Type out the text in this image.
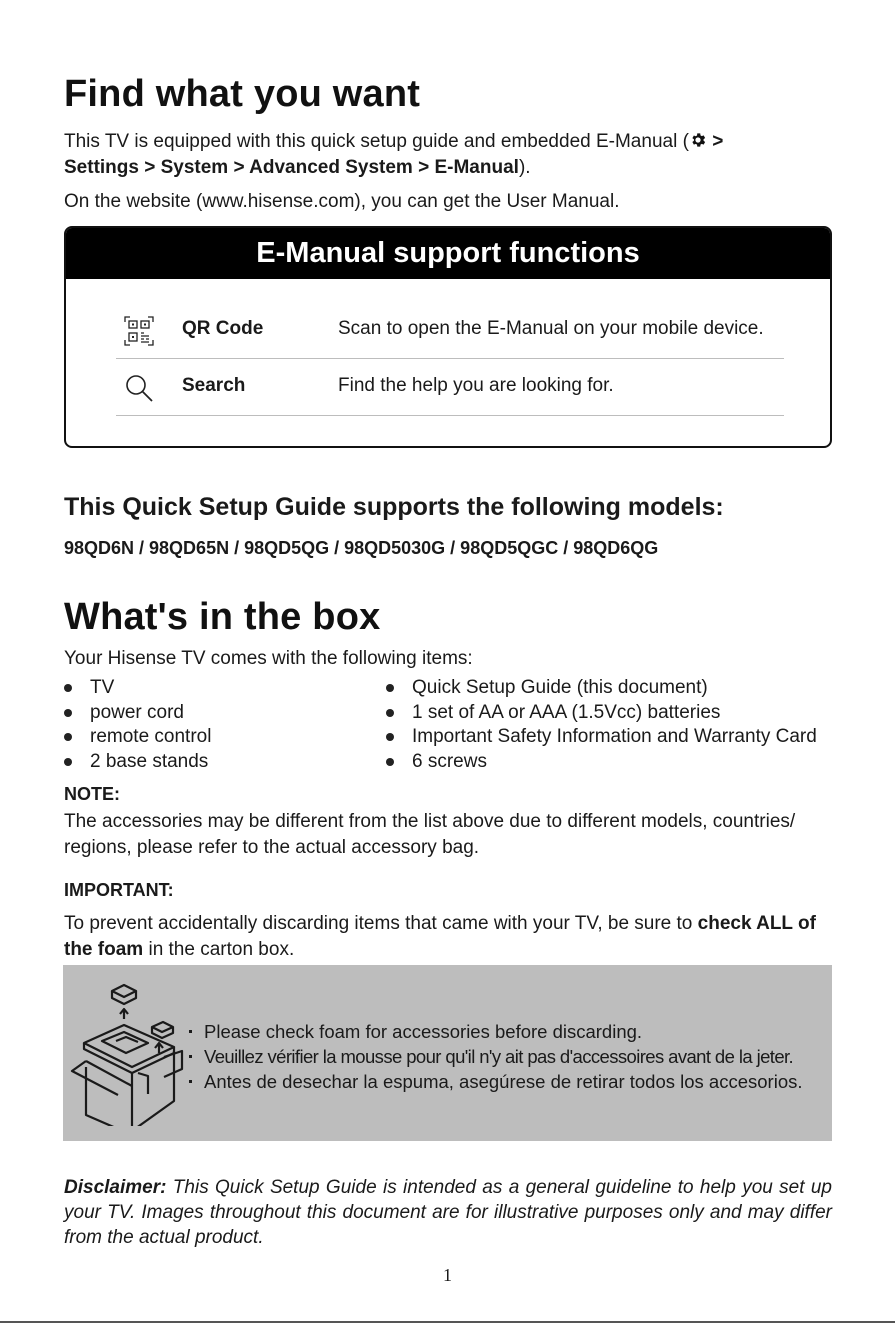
Find what you want
This TV is equipped with this quick setup guide and embedded E-Manual ( >
Settings > System > Advanced System > E-Manual).
On the website (www.hisense.com), you can get the User Manual.
E-Manual support functions
QR Code	Scan to open the E-Manual on your mobile device.
Search	Find the help you are looking for.
This Quick Setup Guide supports the following models:
98QD6N / 98QD65N / 98QD5QG / 98QD5030G / 98QD5QGC / 98QD6QG
What's in the box
Your Hisense TV comes with the following items:
TV
power cord
remote control
2 base stands
Quick Setup Guide (this document)
1 set of AA or AAA (1.5Vcc) batteries
Important Safety Information and Warranty Card
6 screws
NOTE:
The accessories may be different from the list above due to different models, countries/ regions, please refer to the actual accessory bag.
IMPORTANT:
To prevent accidentally discarding items that came with your TV, be sure to check ALL of the foam in the carton box.
Please check foam for accessories before discarding.
Veuillez vérifier la mousse pour qu'il n'y ait pas d'accessoires avant de la jeter.
Antes de desechar la espuma, asegúrese de retirar todos los accesorios.
Disclaimer: This Quick Setup Guide is intended as a general guideline to help you set up your TV. Images throughout this document are for illustrative purposes only and may differ from the actual product.
1
